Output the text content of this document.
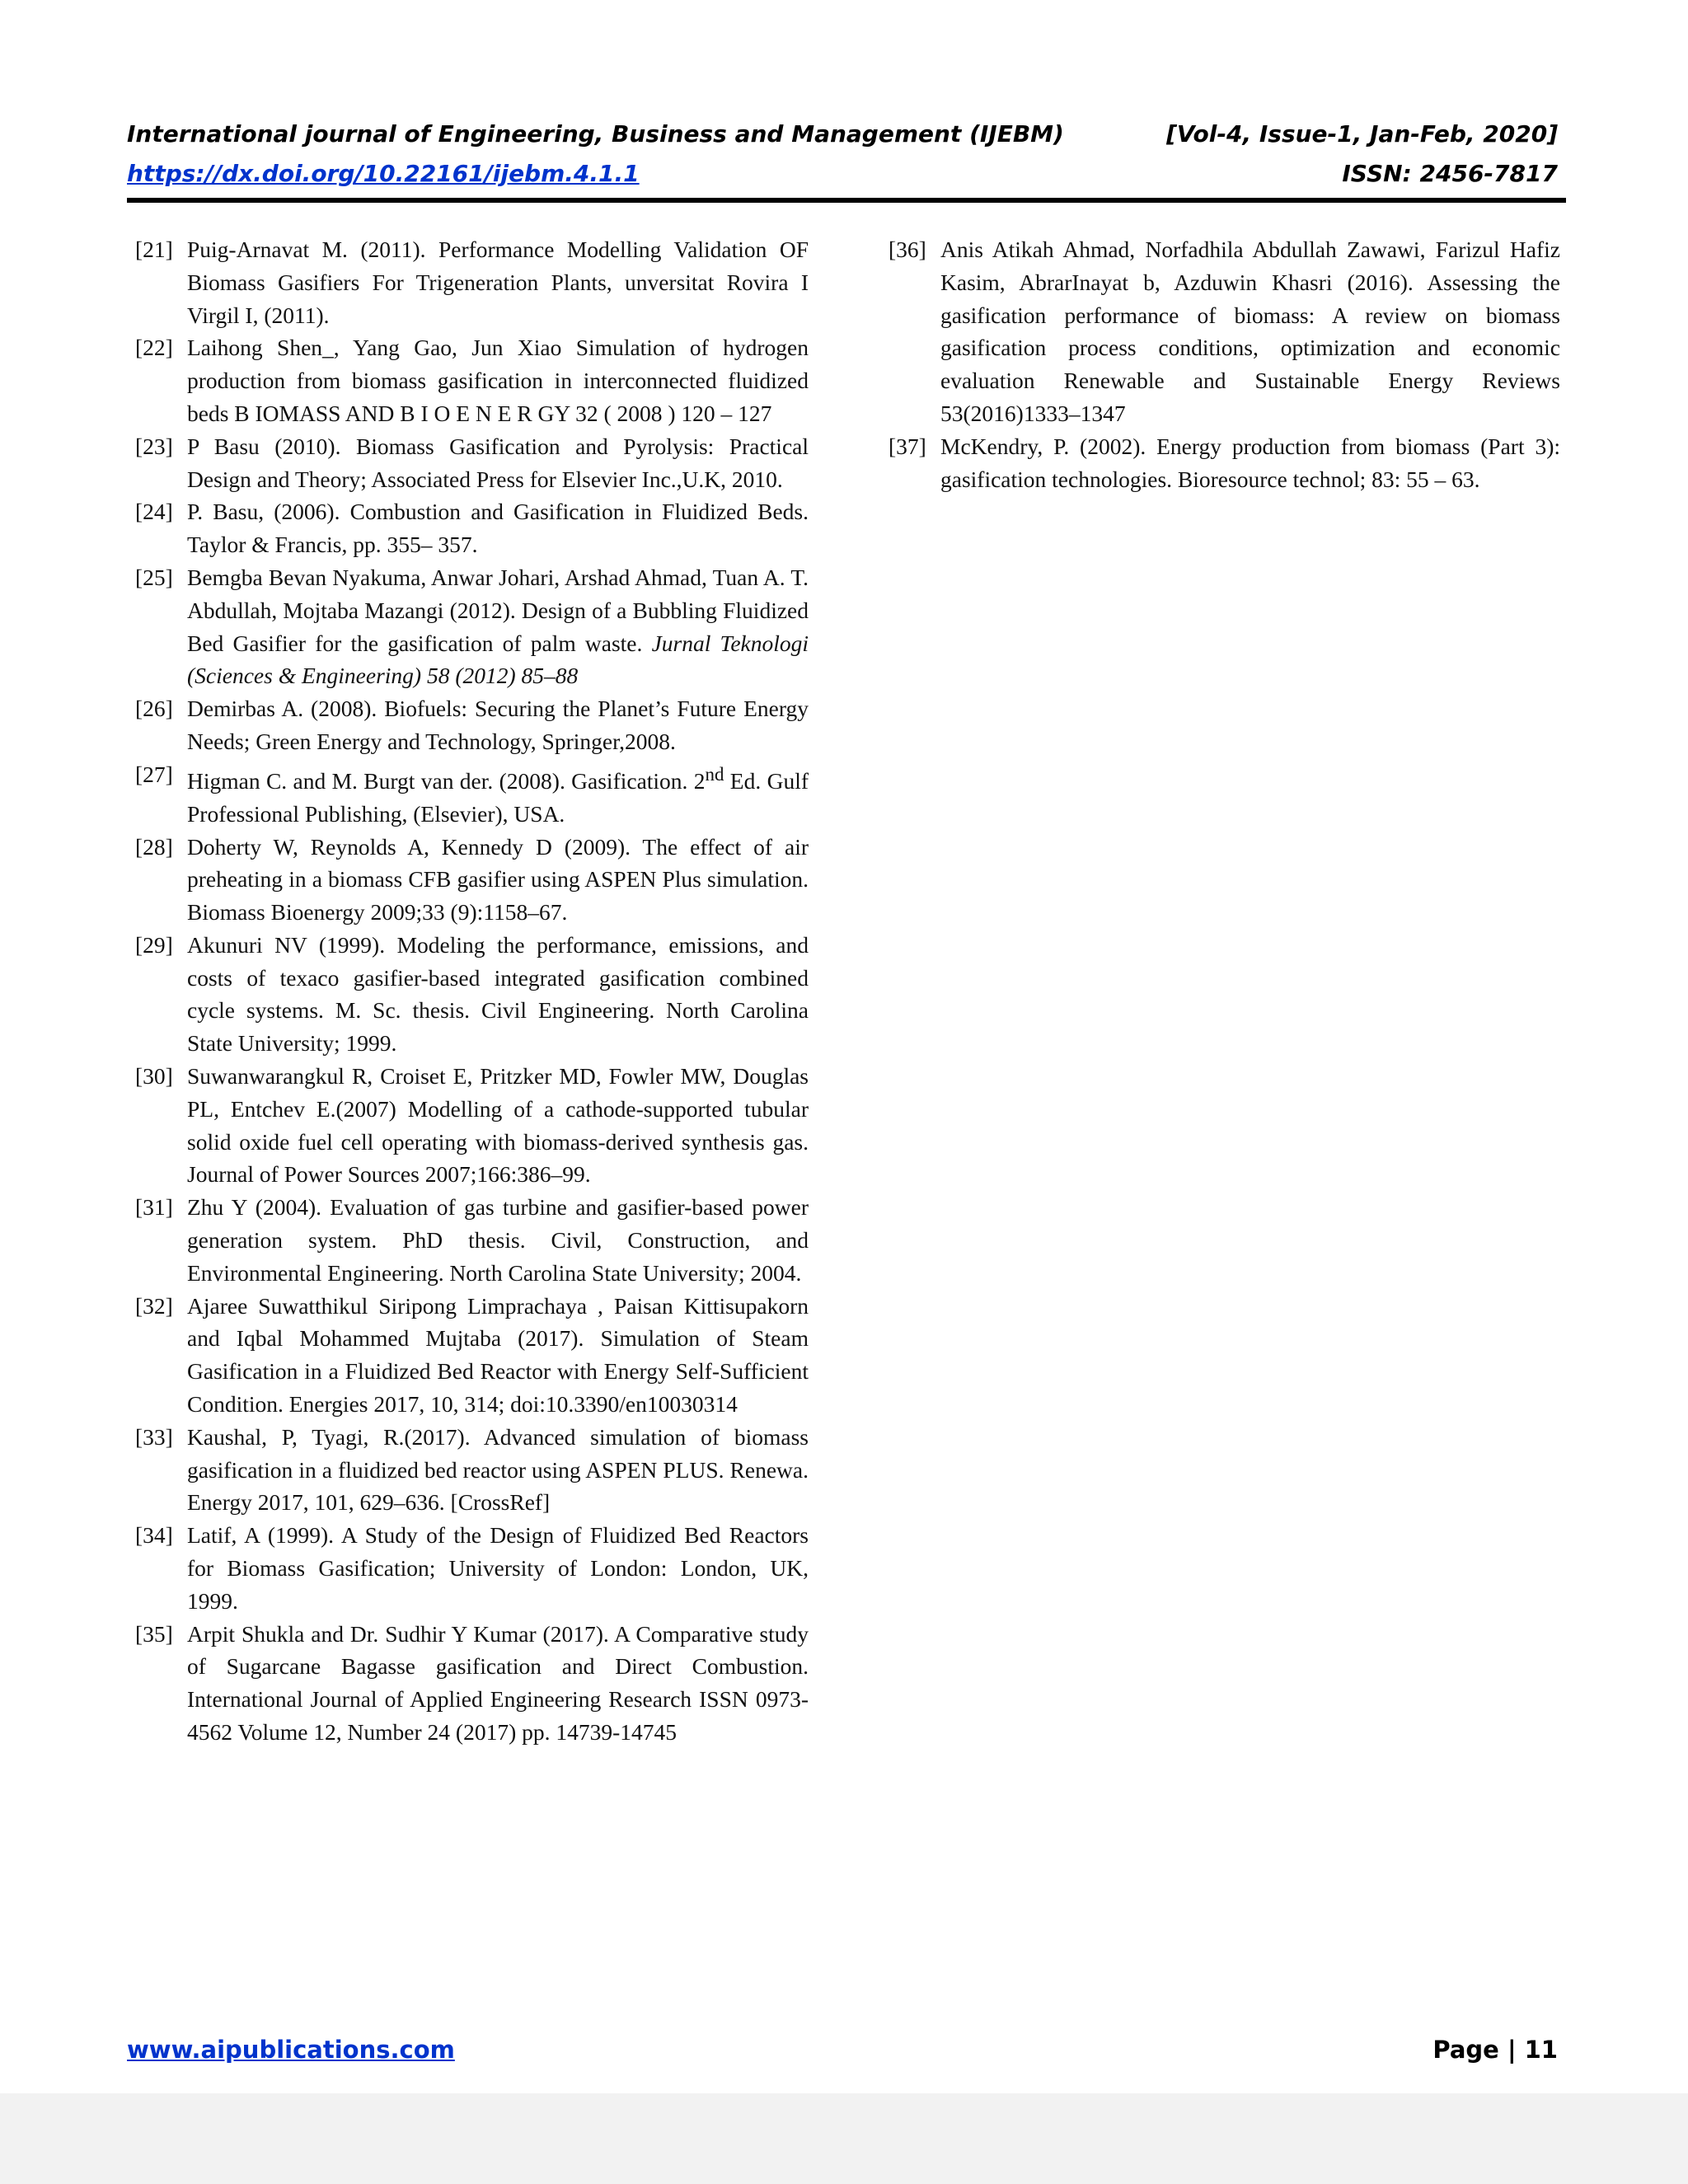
International journal of Engineering, Business and Management (IJEBM)
https://dx.doi.org/10.22161/ijebm.4.1.1
[Vol-4, Issue-1, Jan-Feb, 2020]
ISSN: 2456-7817
[21] Puig-Arnavat M. (2011). Performance Modelling Validation OF Biomass Gasifiers For Trigeneration Plants, unversitat Rovira I Virgil I, (2011).
[22] Laihong Shen_, Yang Gao, Jun Xiao Simulation of hydrogen production from biomass gasification in interconnected fluidized beds B IOMASS AND B I O E N E R GY 32 ( 2008 ) 120 – 127
[23] P Basu (2010). Biomass Gasification and Pyrolysis: Practical Design and Theory; Associated Press for Elsevier Inc.,U.K, 2010.
[24] P. Basu, (2006). Combustion and Gasification in Fluidized Beds. Taylor & Francis, pp. 355– 357.
[25] Bemgba Bevan Nyakuma, Anwar Johari, Arshad Ahmad, Tuan A. T. Abdullah, Mojtaba Mazangi (2012). Design of a Bubbling Fluidized Bed Gasifier for the gasification of palm waste. Jurnal Teknologi (Sciences & Engineering) 58 (2012) 85–88
[26] Demirbas A. (2008). Biofuels: Securing the Planet’s Future Energy Needs; Green Energy and Technology, Springer,2008.
[27] Higman C. and M. Burgt van der. (2008). Gasification. 2nd Ed. Gulf Professional Publishing, (Elsevier), USA.
[28] Doherty W, Reynolds A, Kennedy D (2009). The effect of air preheating in a biomass CFB gasifier using ASPEN Plus simulation. Biomass Bioenergy 2009;33 (9):1158–67.
[29] Akunuri NV (1999). Modeling the performance, emissions, and costs of texaco gasifier-based integrated gasification combined cycle systems. M. Sc. thesis. Civil Engineering. North Carolina State University; 1999.
[30] Suwanwarangkul R, Croiset E, Pritzker MD, Fowler MW, Douglas PL, Entchev E.(2007) Modelling of a cathode-supported tubular solid oxide fuel cell operating with biomass-derived synthesis gas. Journal of Power Sources 2007;166:386–99.
[31] Zhu Y (2004). Evaluation of gas turbine and gasifier-based power generation system. PhD thesis. Civil, Construction, and Environmental Engineering. North Carolina State University; 2004.
[32] Ajaree Suwatthikul Siripong Limprachaya , Paisan Kittisupakorn and Iqbal Mohammed Mujtaba (2017). Simulation of Steam Gasification in a Fluidized Bed Reactor with Energy Self-Sufficient Condition. Energies 2017, 10, 314; doi:10.3390/en10030314
[33] Kaushal, P, Tyagi, R.(2017). Advanced simulation of biomass gasification in a fluidized bed reactor using ASPEN PLUS. Renewa. Energy 2017, 101, 629–636. [CrossRef]
[34] Latif, A (1999). A Study of the Design of Fluidized Bed Reactors for Biomass Gasification; University of London: London, UK, 1999.
[35] Arpit Shukla and Dr. Sudhir Y Kumar (2017). A Comparative study of Sugarcane Bagasse gasification and Direct Combustion. International Journal of Applied Engineering Research ISSN 0973-4562 Volume 12, Number 24 (2017) pp. 14739-14745
[36] Anis Atikah Ahmad, Norfadhila Abdullah Zawawi, Farizul Hafiz Kasim, AbrarInayat b, Azduwin Khasri (2016). Assessing the gasification performance of biomass: A review on biomass gasification process conditions, optimization and economic evaluation Renewable and Sustainable Energy Reviews 53(2016)1333–1347
[37] McKendry, P. (2002). Energy production from biomass (Part 3): gasification technologies. Bioresource technol; 83: 55 – 63.
www.aipublications.com	Page | 11
